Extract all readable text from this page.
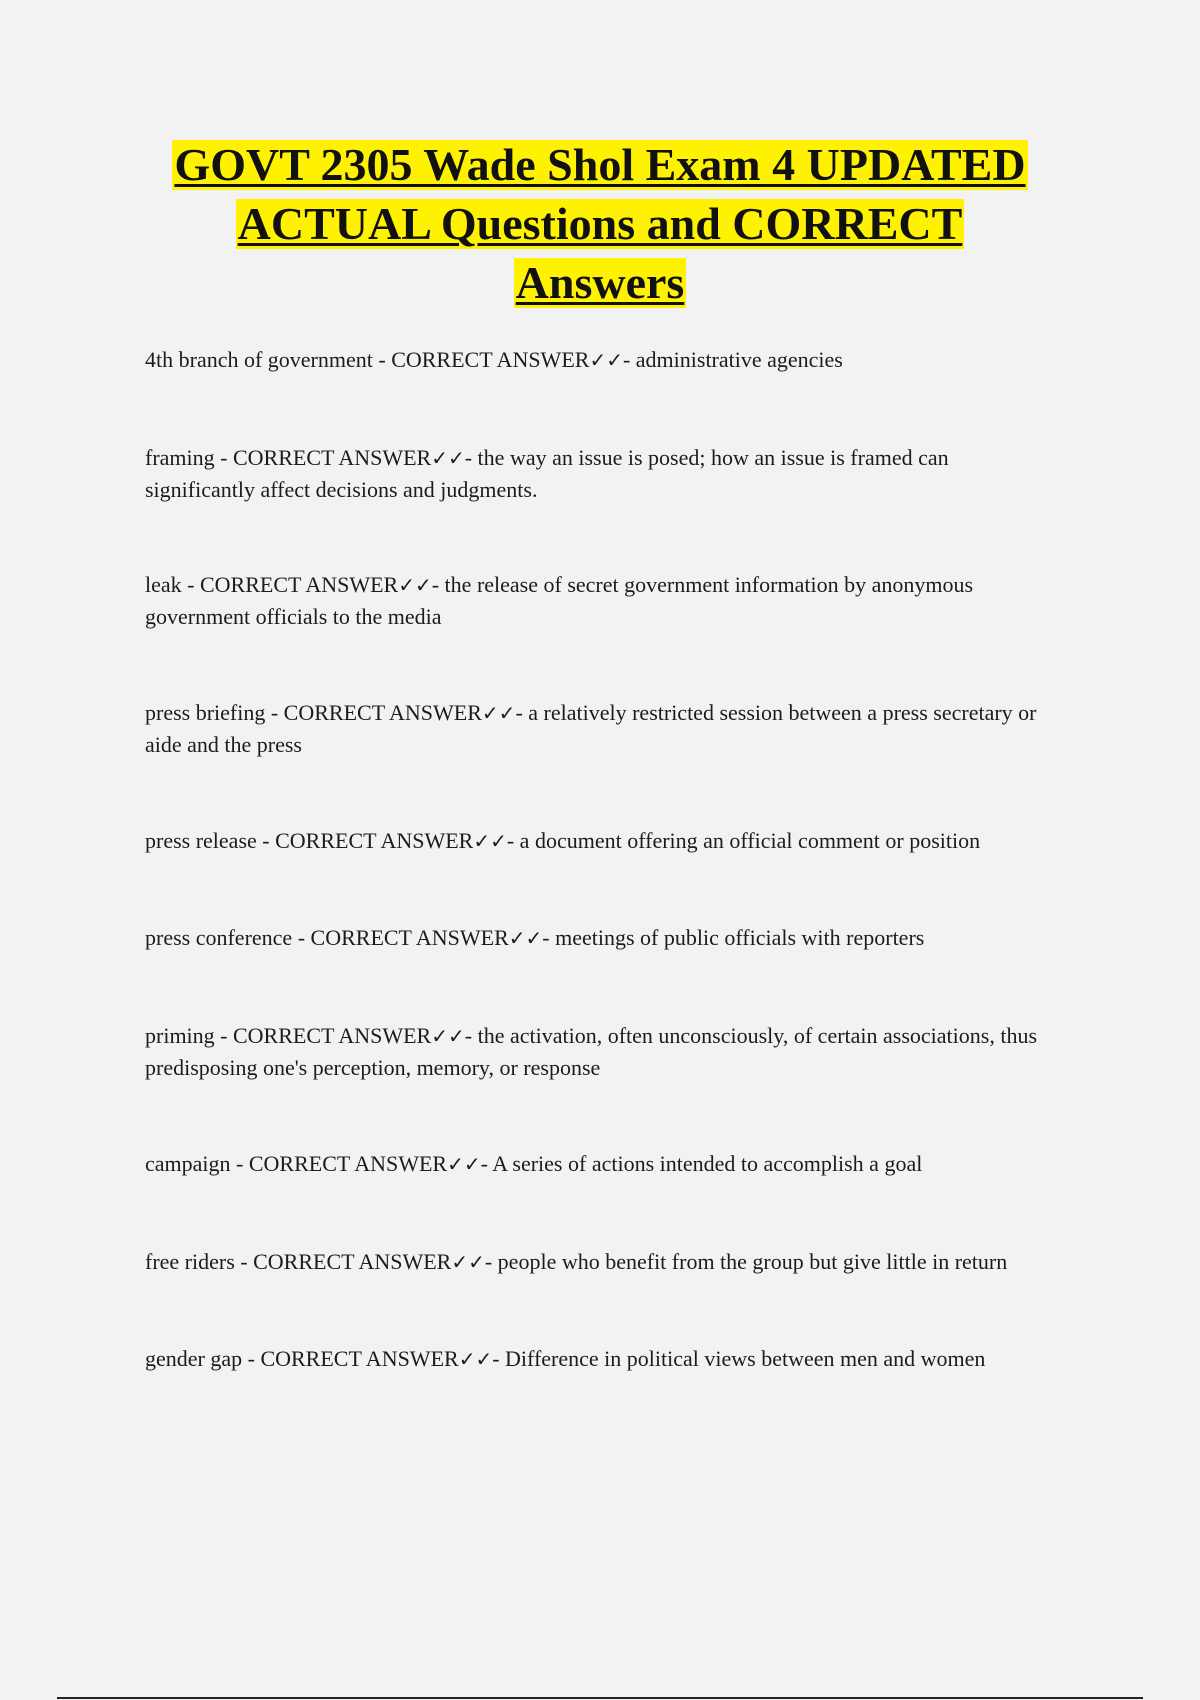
GOVT 2305 Wade Shol Exam 4 UPDATED
ACTUAL Questions and CORRECT
Answers

4th branch of government - CORRECT ANSWER✓✓- administrative agencies

framing - CORRECT ANSWER✓✓- the way an issue is posed; how an issue is framed can significantly affect decisions and judgments.

leak - CORRECT ANSWER✓✓- the release of secret government information by anonymous government officials to the media

press briefing - CORRECT ANSWER✓✓- a relatively restricted session between a press secretary or aide and the press

press release - CORRECT ANSWER✓✓- a document offering an official comment or position

press conference - CORRECT ANSWER✓✓- meetings of public officials with reporters

priming - CORRECT ANSWER✓✓- the activation, often unconsciously, of certain associations, thus predisposing one's perception, memory, or response

campaign - CORRECT ANSWER✓✓- A series of actions intended to accomplish a goal

free riders - CORRECT ANSWER✓✓- people who benefit from the group but give little in return

gender gap - CORRECT ANSWER✓✓- Difference in political views between men and women
